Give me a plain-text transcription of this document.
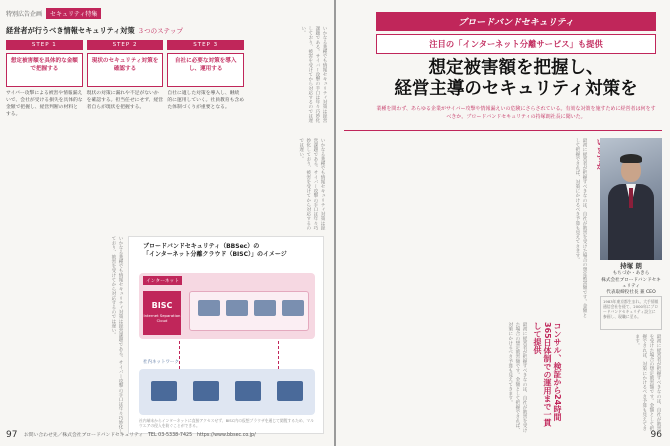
特別広告企画 セキュリティ特集
経営者が行うべき情報セキュリティ対策 ３つのステップ
STEP 1
想定被害額を具体的な金額で把握する
サイバー攻撃による被害や情報漏えいで、会社が受ける損失を具体的な金額で把握し、経営判断の材料とする。
STEP 2
現状のセキュリティ対策を確認する
現状の対策に漏れや不足がないかを確認する。担当任せにせず、経営者自らが現状を把握する。
STEP 3
自社に必要な対策を導入し、運用する
自社に適した対策を導入し、継続的に運用していく。社員教育も含めた体制づくりが重要となる。	いかなる業種でも情報セキュリティ対策は経営課題である。サイバー攻撃の手口は年々巧妙化しており、被害を受けてから対応するのでは遅い。
いかなる業種でも情報セキュリティ対策は経営課題である。サイバー攻撃の手口は年々巧妙化しており、被害を受けてから対応するのでは遅い。
いかなる業種でも情報セキュリティ対策は経営課題である。サイバー攻撃の手口は年々巧妙化しており、被害を受けてから対応するのでは遅い。	ブロードバンドセキュリティ（BBSec）の
「インターネット分離クラウド（BISC）」のイメージ
インターネット
BISC
Internet Separation Cloud
社内ネットワーク
社内端末からインターネットに直接アクセスせず、BISC内の仮想ブラウザを通じて閲覧するため、マルウエアの侵入を防ぐことができる。
お問い合わせ先／株式会社ブロードバンドセキュリティ　TEL 03-5338-7425　https://www.bbsec.co.jp/
97
ブロードバンドセキュリティ
注目の「インターネット分離サービス」も提供
想定被害額を把握し、
経営主導のセキュリティ対策を
業種を問わず、あらゆる企業がサイバー攻撃や情報漏えいの危険にさらされている。有効な対策を施すために経営者は何をすべきか。ブロードバンドセキュリティの持塚朗社長に聞いた。
最初に経営者が把握すべきなのは、自社が被害を受けた場合の想定被害額です。金額として把握できれば、対策にかけるべき予算も見えてきます。
持塚 朗
もちづか・あきら
株式会社ブロードバンドセキュリティ
代表取締役社長 兼 CEO
1983年東京都生まれ。大手情報通信会社を経て、2000年にブロードバンドセキュリティ設立に参画し、現職に至る。
最初に経営者が把握すべきなのは、自社が被害を受けた場合の想定被害額です。金額として把握できれば、対策にかけるべき予算も見えてきます。	コンサル、検証から24時間365日体制での運用まで一貫して提供	最初に経営者が把握すべきなのは、自社が被害を受けた場合の想定被害額です。金額として把握できれば、対策にかけるべき予算も見えてきます。
96
